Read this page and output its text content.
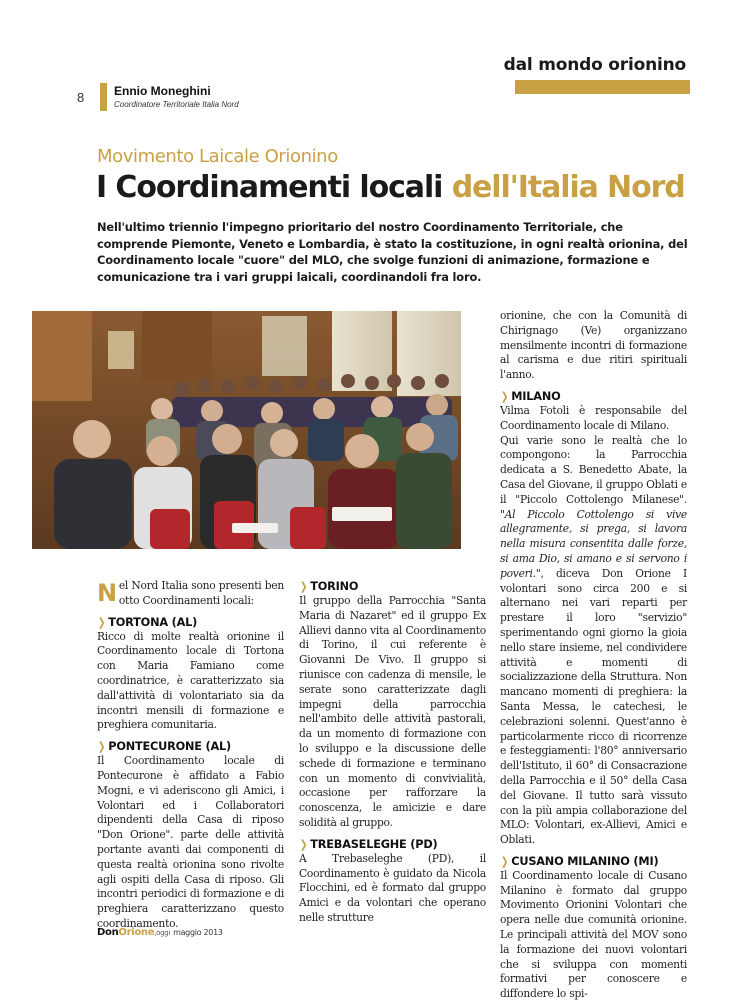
dal mondo orionino
8 Ennio Moneghini
Coordinatore Territoriale Italia Nord
Movimento Laicale Orionino
I Coordinamenti locali dell'Italia Nord
Nell'ultimo triennio l'impegno prioritario del nostro Coordinamento Territoriale, che comprende Piemonte, Veneto e Lombardia, è stato la costituzione, in ogni realtà orionina, del Coordinamento locale "cuore" del MLO, che svolge funzioni di animazione, formazione e comunicazione tra i vari gruppi laicali, coordinandoli fra loro.

Nel Nord Italia sono presenti ben otto Coordinamenti locali:

❯ TORTONA (AL)

Ricco di molte realtà orionine il Coordinamento locale di Tortona con Maria Famiano come coordinatrice, è caratterizzato sia dall'attività di volontariato sia da incontri mensili di formazione e preghiera comunitaria.

❯ PONTECURONE (AL)

Il Coordinamento locale di Pontecurone è affidato a Fabio Mogni, e vi aderiscono gli Amici, i Volontari ed i Collaboratori dipendenti della Casa di riposo "Don Orione". parte delle attività portante avanti dai componenti di questa realtà orionina sono rivolte agli ospiti della Casa di riposo. Gli incontri periodici di formazione e di preghiera caratterizzano questo coordinamento.

❯ TORINO

Il gruppo della Parrocchia "Santa Maria di Nazaret" ed il gruppo Ex Allievi danno vita al Coordinamento di Torino, il cui referente è Giovanni De Vivo. Il gruppo si riunisce con cadenza di mensile, le serate sono caratterizzate dagli impegni della parrocchia nell'ambito delle attività pastorali, da un momento di formazione con lo sviluppo e la discussione delle schede di formazione e terminano con un momento di convivialità, occasione per rafforzare la conoscenza, le amicizie e dare solidità al gruppo.

❯ TREBASELEGHE (PD)

A Trebaseleghe (PD), il Coordinamento è guidato da Nicola Flocchini, ed è formato dal gruppo Amici e da volontari che operano nelle strutture

orionine, che con la Comunità di Chirignago (Ve) organizzano mensilmente incontri di formazione al carisma e due ritiri spirituali l'anno.

❯ MILANO

Vilma Fotoli è responsabile del Coordinamento locale di Milano.

Qui varie sono le realtà che lo compongono: la Parrocchia dedicata a S. Benedetto Abate, la Casa del Giovane, il gruppo Oblati e il "Piccolo Cottolengo Milanese". "Al Piccolo Cottolengo si vive allegramente, si prega, si lavora nella misura consentita dalle forze, si ama Dio, si amano e si servono i poveri.", diceva Don Orione I volontari sono circa 200 e si alternano nei vari reparti per prestare il loro "servizio" sperimentando ogni giorno la gioia nello stare insieme, nel condividere attività e momenti di socializzazione della Struttura. Non mancano momenti di preghiera: la Santa Messa, le catechesi, le celebrazioni solenni. Quest'anno è particolarmente ricco di ricorrenze e festeggiamenti: l'80° anniversario dell'Istituto, il 60° di Consacrazione della Parrocchia e il 50° della Casa del Giovane. Il tutto sarà vissuto con la più ampia collaborazione del MLO: Volontari, ex-Allievi, Amici e Oblati.

❯ CUSANO MILANINO (MI)

Il Coordinamento locale di Cusano Milanino è formato dal gruppo Movimento Orionini Volontari che opera nelle due comunità orionine. Le principali attività del MOV sono la formazione dei nuovi volontari che si sviluppa con momenti formativi per conoscere e diffondere lo spi-

DonOrione,oggi maggio 2013
